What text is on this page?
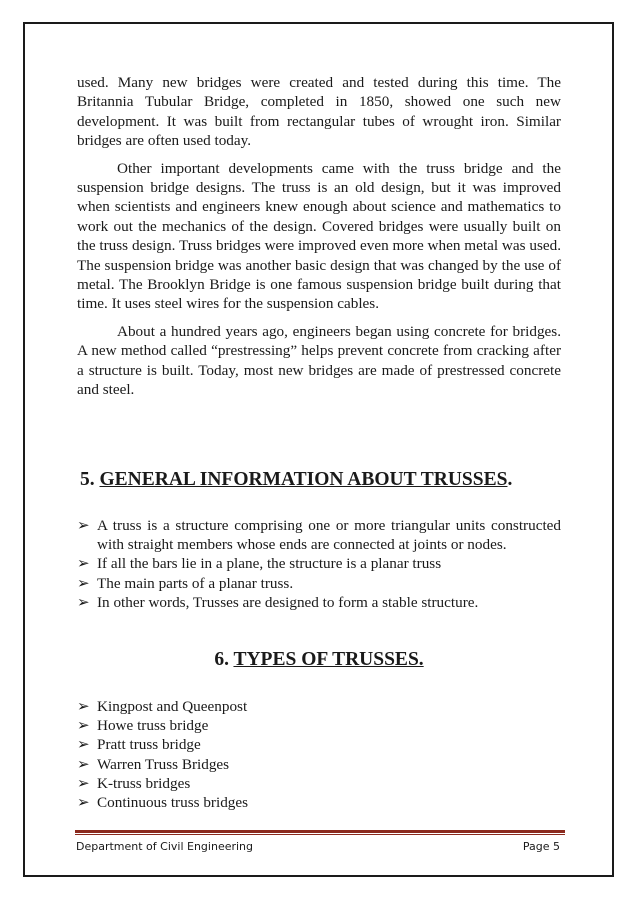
used. Many new bridges were created and tested during this time. The Britannia Tubular Bridge, completed in 1850, showed one such new development. It was built from rectangular tubes of wrought iron. Similar bridges are often used today.

Other important developments came with the truss bridge and the suspension bridge designs. The truss is an old design, but it was improved when scientists and engineers knew enough about science and mathematics to work out the mechanics of the design. Covered bridges were usually built on the truss design. Truss bridges were improved even more when metal was used. The suspension bridge was another basic design that was changed by the use of metal. The Brooklyn Bridge is one famous suspension bridge built during that time. It uses steel wires for the suspension cables.

About a hundred years ago, engineers began using concrete for bridges. A new method called “prestressing” helps prevent concrete from cracking after a structure is built. Today, most new bridges are made of prestressed concrete and steel.

5. GENERAL INFORMATION ABOUT TRUSSES.
➢ A truss is a structure comprising one or more triangular units constructed with straight members whose ends are connected at joints or nodes.
➢ If all the bars lie in a plane, the structure is a planar truss
➢ The main parts of a planar truss.
➢ In other words, Trusses are designed to form a stable structure.
6. TYPES OF TRUSSES.
➢ Kingpost and Queenpost
➢ Howe truss bridge
➢ Pratt truss bridge
➢ Warren Truss Bridges
➢ K-truss bridges
➢ Continuous truss bridges
Department of Civil Engineering	Page 5
